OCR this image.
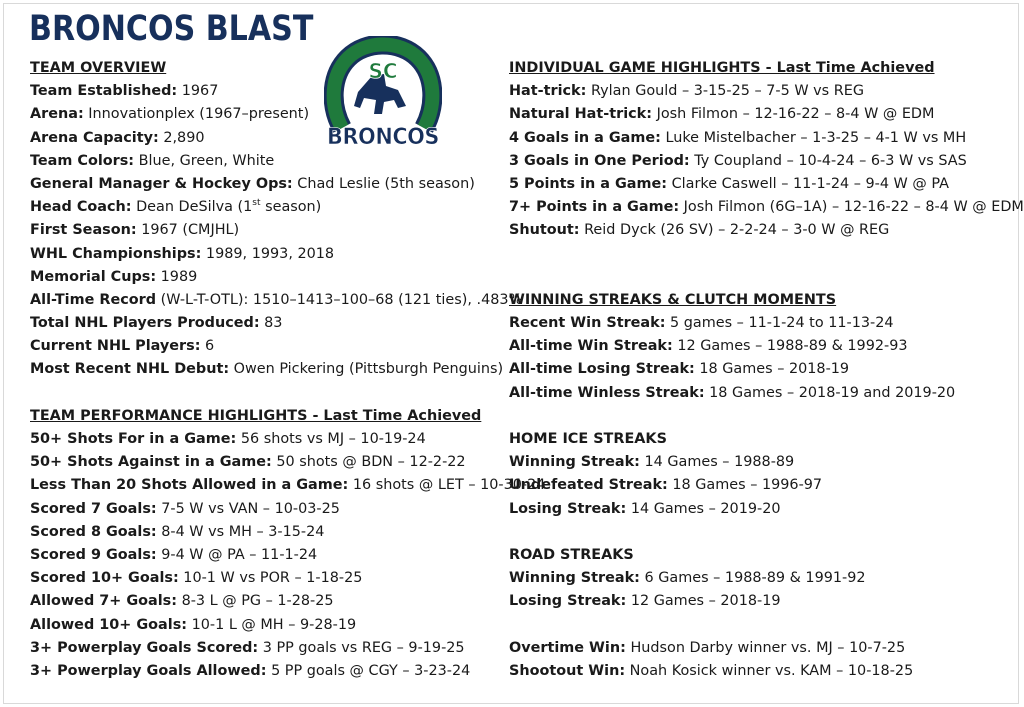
BRONCOS BLAST
SC
BRONCOS
TEAM OVERVIEW
Team Established: 1967
Arena: Innovationplex (1967–present)
Arena Capacity: 2,890
Team Colors: Blue, Green, White
General Manager & Hockey Ops: Chad Leslie (5th season)
Head Coach: Dean DeSilva (1st season)
First Season: 1967 (CMJHL)
WHL Championships: 1989, 1993, 2018
Memorial Cups: 1989
All-Time Record (W-L-T-OTL): 1510–1413–100–68 (121 ties), .483%
Total NHL Players Produced: 83
Current NHL Players: 6
Most Recent NHL Debut: Owen Pickering (Pittsburgh Penguins)
TEAM PERFORMANCE HIGHLIGHTS - Last Time Achieved
50+ Shots For in a Game: 56 shots vs MJ – 10-19-24
50+ Shots Against in a Game: 50 shots @ BDN – 12-2-22
Less Than 20 Shots Allowed in a Game: 16 shots @ LET – 10-30-24
Scored 7 Goals: 7-5 W vs VAN – 10-03-25
Scored 8 Goals: 8-4 W vs MH – 3-15-24
Scored 9 Goals: 9-4 W @ PA – 11-1-24
Scored 10+ Goals: 10-1 W vs POR – 1-18-25
Allowed 7+ Goals: 8-3 L @ PG – 1-28-25
Allowed 10+ Goals: 10-1 L @ MH – 9-28-19
3+ Powerplay Goals Scored: 3 PP goals vs REG – 9-19-25
3+ Powerplay Goals Allowed: 5 PP goals @ CGY – 3-23-24
INDIVIDUAL GAME HIGHLIGHTS - Last Time Achieved
Hat-trick: Rylan Gould – 3-15-25 – 7-5 W vs REG
Natural Hat-trick: Josh Filmon – 12-16-22 – 8-4 W @ EDM
4 Goals in a Game: Luke Mistelbacher – 1-3-25 – 4-1 W vs MH
3 Goals in One Period: Ty Coupland – 10-4-24 – 6-3 W vs SAS
5 Points in a Game: Clarke Caswell – 11-1-24 – 9-4 W @ PA
7+ Points in a Game: Josh Filmon (6G–1A) – 12-16-22 – 8-4 W @ EDM
Shutout: Reid Dyck (26 SV) – 2-2-24 – 3-0 W @ REG
WINNING STREAKS & CLUTCH MOMENTS
Recent Win Streak: 5 games – 11-1-24 to 11-13-24
All-time Win Streak: 12 Games – 1988-89 & 1992-93
All-time Losing Streak: 18 Games – 2018-19
All-time Winless Streak: 18 Games – 2018-19 and 2019-20
HOME ICE STREAKS
Winning Streak: 14 Games – 1988-89
Undefeated Streak: 18 Games – 1996-97
Losing Streak: 14 Games – 2019-20
ROAD STREAKS
Winning Streak: 6 Games – 1988-89 & 1991-92
Losing Streak: 12 Games – 2018-19
Overtime Win: Hudson Darby winner vs. MJ – 10-7-25
Shootout Win: Noah Kosick winner vs. KAM – 10-18-25
